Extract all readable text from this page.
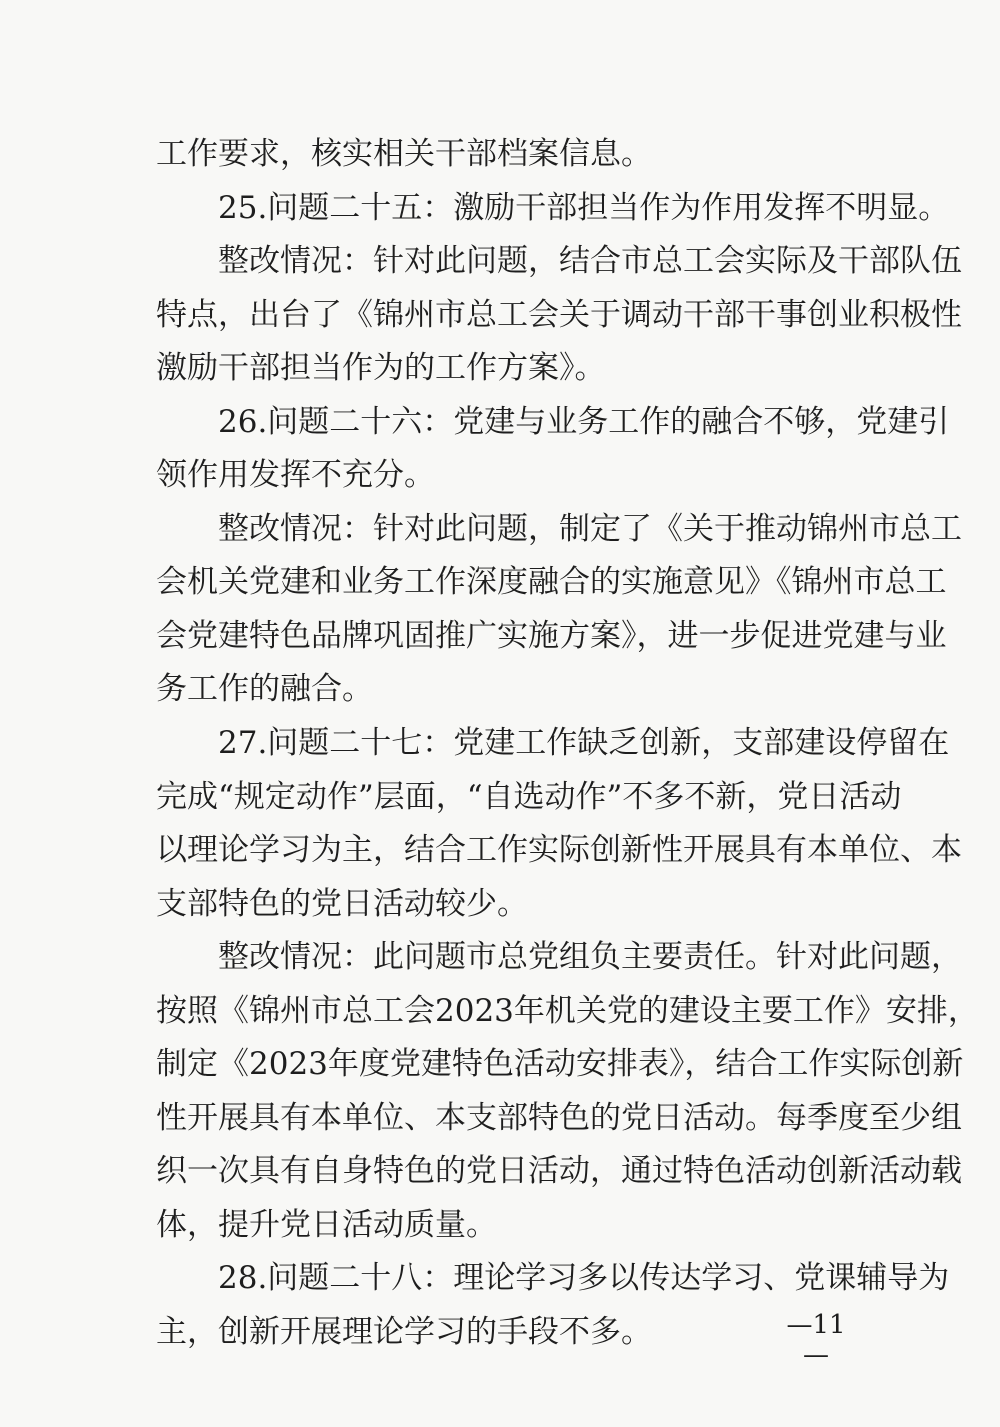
工作要求，核实相关干部档案信息。
25.问题二十五：激励干部担当作为作用发挥不明显。
整改情况：针对此问题，结合市总工会实际及干部队伍
特点，出台了《锦州市总工会关于调动干部干事创业积极性
激励干部担当作为的工作方案》。
26.问题二十六：党建与业务工作的融合不够，党建引
领作用发挥不充分。
整改情况：针对此问题，制定了《关于推动锦州市总工
会机关党建和业务工作深度融合的实施意见》《锦州市总工
会党建特色品牌巩固推广实施方案》，进一步促进党建与业
务工作的融合。
27.问题二十七：党建工作缺乏创新，支部建设停留在
完成“规定动作”层面，“自选动作”不多不新，党日活动
以理论学习为主，结合工作实际创新性开展具有本单位、本
支部特色的党日活动较少。
整改情况：此问题市总党组负主要责任。针对此问题，
按照《锦州市总工会2023年机关党的建设主要工作》安排，
制定《2023年度党建特色活动安排表》，结合工作实际创新
性开展具有本单位、本支部特色的党日活动。每季度至少组
织一次具有自身特色的党日活动，通过特色活动创新活动载
体，提升党日活动质量。
28.问题二十八：理论学习多以传达学习、党课辅导为
主，创新开展理论学习的手段不多。	—11—
